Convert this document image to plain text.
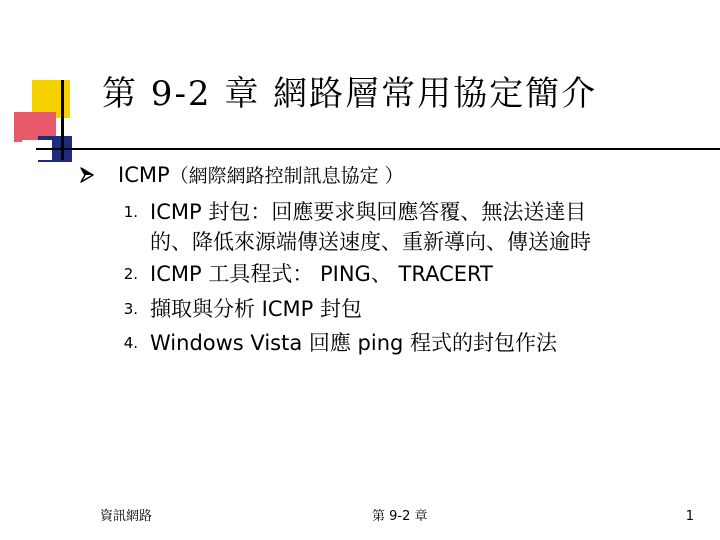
第 9-2 章 網路層常用協定簡介
ICMP（網際網路控制訊息協定 ）
1. ICMP 封包：回應要求與回應答覆、無法送達目
的、降低來源端傳送速度、重新導向、傳送逾時
2. ICMP 工具程式： PING、 TRACERT
3. 擷取與分析 ICMP 封包
4. Windows Vista 回應 ping 程式的封包作法
資訊網路	第 9-2 章	1
